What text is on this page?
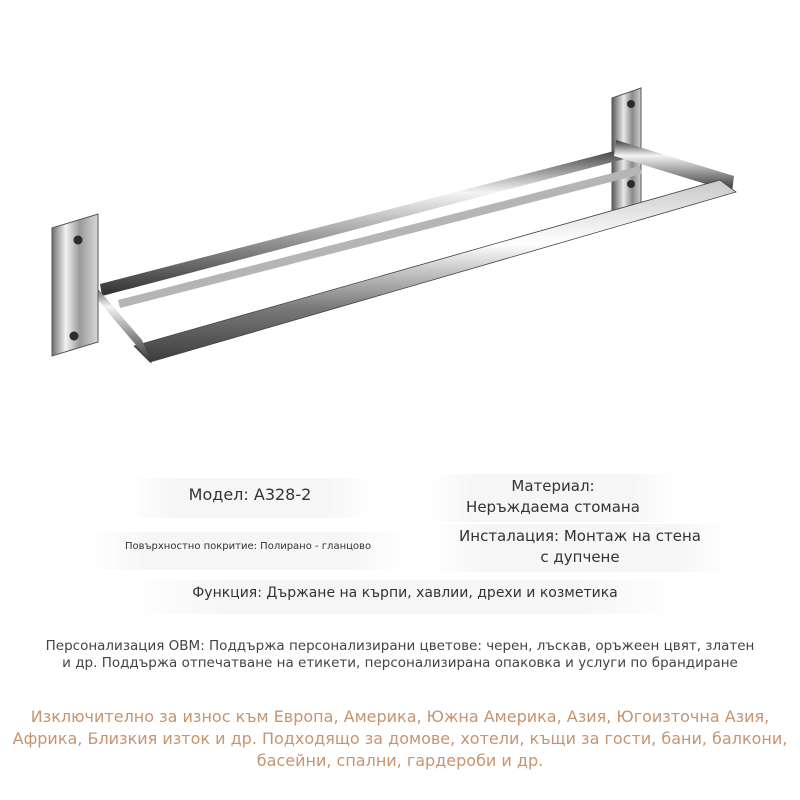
Модел: A328-2	Материал:
Неръждаема стомана
Повърхностно покритие: Полирано - гланцово
Инсталация: Монтаж на стена
с дупчене
Функция: Държане на кърпи, хавлии, дрехи и козметика
Персонализация OBM: Поддържа персонализирани цветове: черен, лъскав, оръжеен цвят, златен
и др. Поддържа отпечатване на етикети, персонализирана опаковка и услуги по брандиране
Изключително за износ към Европа, Америка, Южна Америка, Азия, Югоизточна Азия,
Африка, Близкия изток и др. Подходящо за домове, хотели, къщи за гости, бани, балкони,
басейни, спални, гардероби и др.
